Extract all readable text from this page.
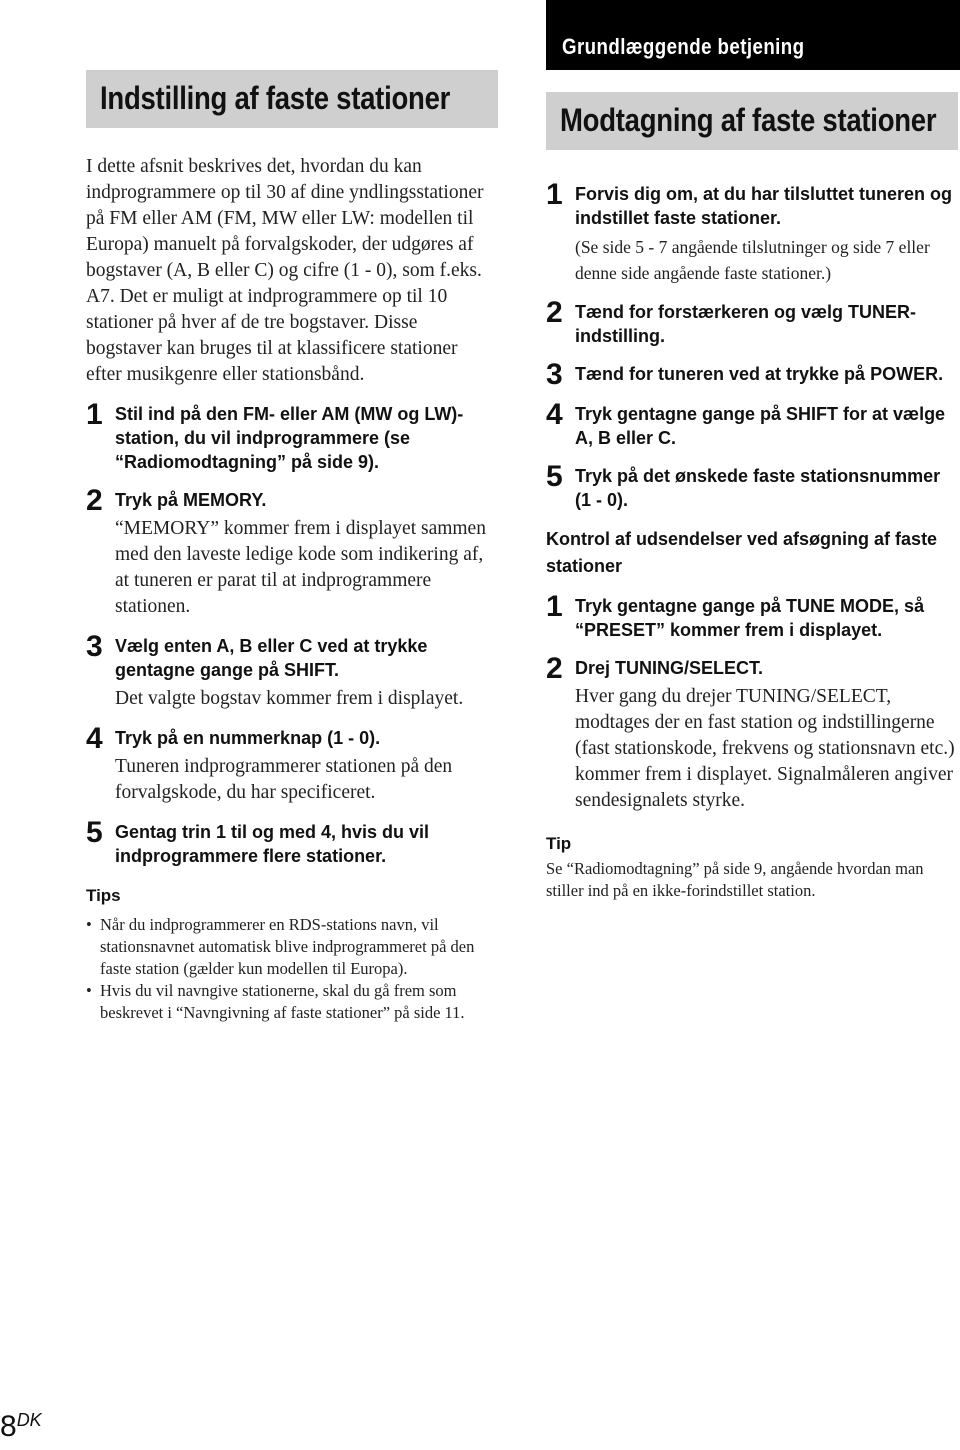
Grundlæggende betjening
Indstilling af faste stationer
I dette afsnit beskrives det, hvordan du kan indprogrammere op til 30 af dine yndlingsstationer på FM eller AM (FM, MW eller LW: modellen til Europa) manuelt på forvalgskoder, der udgøres af bogstaver (A, B eller C) og cifre (1 - 0), som f.eks. A7. Det er muligt at indprogrammere op til 10 stationer på hver af de tre bogstaver. Disse bogstaver kan bruges til at klassificere stationer efter musikgenre eller stationsbånd.
1 Stil ind på den FM- eller AM (MW og LW)-station, du vil indprogrammere (se “Radiomodtagning” på side 9).
2 Tryk på MEMORY.
“MEMORY” kommer frem i displayet sammen med den laveste ledige kode som indikering af, at tuneren er parat til at indprogrammere stationen.
3 Vælg enten A, B eller C ved at trykke gentagne gange på SHIFT.
Det valgte bogstav kommer frem i displayet.
4 Tryk på en nummerknap (1 - 0).
Tuneren indprogrammerer stationen på den forvalgskode, du har specificeret.
5 Gentag trin 1 til og med 4, hvis du vil indprogrammere flere stationer.
Tips
• Når du indprogrammerer en RDS-stations navn, vil stationsnavnet automatisk blive indprogrammeret på den faste station (gælder kun modellen til Europa).
• Hvis du vil navngive stationerne, skal du gå frem som beskrevet i “Navngivning af faste stationer” på side 11.
Modtagning af faste stationer
1 Forvis dig om, at du har tilsluttet tuneren og indstillet faste stationer.
(Se side 5 - 7 angående tilslutninger og side 7 eller denne side angående faste stationer.)
2 Tænd for forstærkeren og vælg TUNER-indstilling.
3 Tænd for tuneren ved at trykke på POWER.
4 Tryk gentagne gange på SHIFT for at vælge A, B eller C.
5 Tryk på det ønskede faste stationsnummer (1 - 0).
Kontrol af udsendelser ved afsøgning af faste stationer
1 Tryk gentagne gange på TUNE MODE, så “PRESET” kommer frem i displayet.
2 Drej TUNING/SELECT.
Hver gang du drejer TUNING/SELECT, modtages der en fast station og indstillingerne (fast stationskode, frekvens og stationsnavn etc.) kommer frem i displayet. Signalmåleren angiver sendesignalets styrke.
Tip
Se “Radiomodtagning” på side 9, angående hvordan man stiller ind på en ikke-forindstillet station.
$8^{DK}$
